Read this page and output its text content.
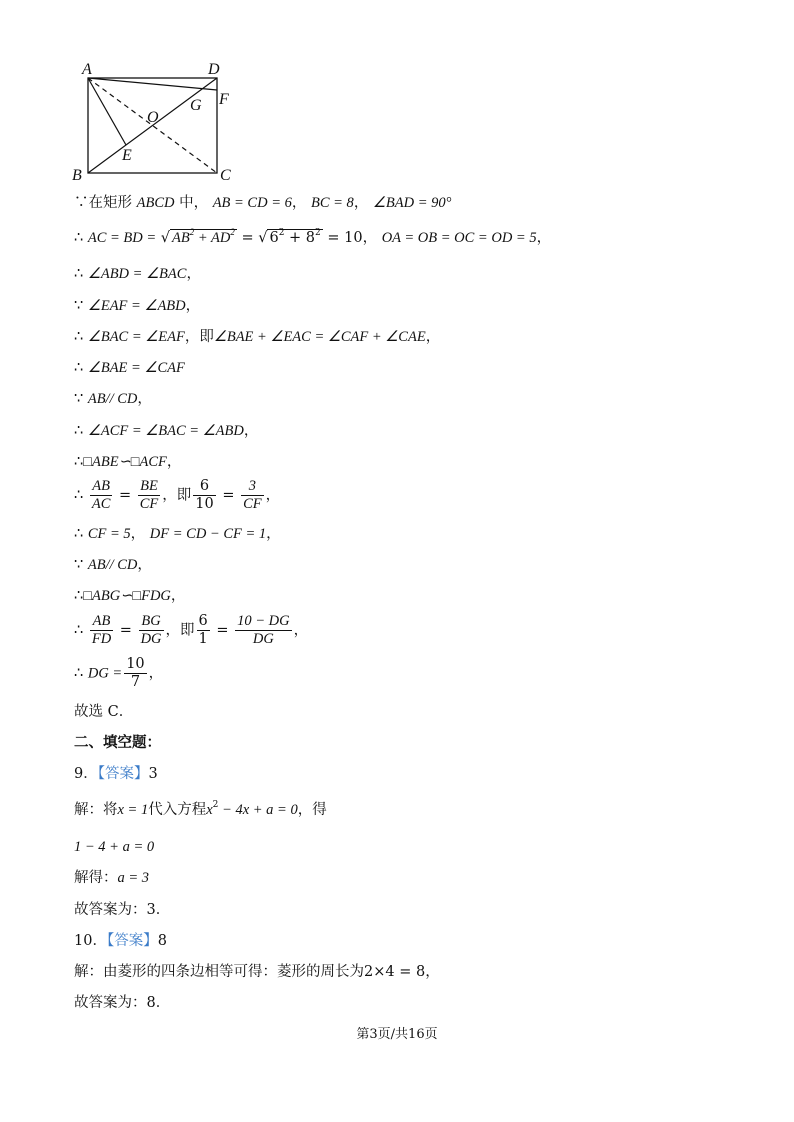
A	D
G F
O
E
B	C
∵在矩形 ABCD 中， AB = CD = 6， BC = 8， ∠BAD = 90°
∴ AC = BD = √ $AB^2 + AD^2$ = √ $6^2 + 8^2 = 10$， OA = OB = OC = OD = 5，
∴ ∠ABD = ∠BAC，
∵ ∠EAF = ∠ABD，
∴ ∠BAC = ∠EAF，即∠BAE + ∠EAC = ∠CAF + ∠CAE，
∴ ∠BAE = ∠CAF
∵ AB// CD，
∴ ∠ACF = ∠BAC = ∠ABD，
∴□ABE∽□ACF，
∴ $\frac{AB}{AC} = \frac{BE}{CF}$ ，即 $\frac{6}{10} = \frac{3}{CF}$ ，
∴ CF = 5， DF = CD − CF = 1，
∵ AB// CD，
∴□ABG∽□FDG，
∴ $\frac{AB}{FD} = \frac{BG}{DG}$ ，即 $\frac{6}{1} = \frac{10 - DG}{DG}$ ，
∴ DG = $\frac{10}{7}$ ，
故选 C．
二、填空题：
9．【答案】3
解：将x = 1代入方程$x^2 - 4x + a = 0$，得
1 − 4 + a = 0
解得：a = 3
故答案为：3．
10．【答案】8
解：由菱形的四条边相等可得：菱形的周长为2×4 = 8，
故答案为：8．
第3页/共16页
